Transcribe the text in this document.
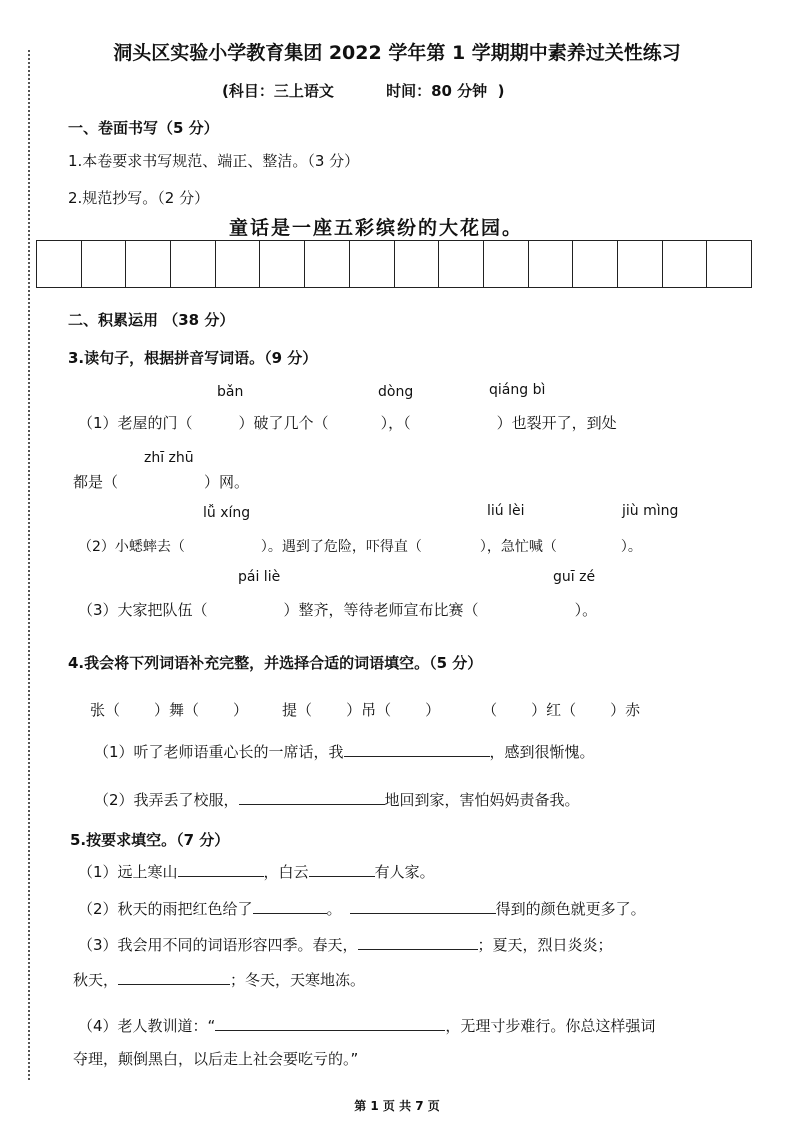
洞头区实验小学教育集团 2022 学年第 1 学期期中素养过关性练习
(科目：三上语文          时间：80 分钟  )
一、卷面书写（5 分）
1.本卷要求书写规范、端正、整洁。（3 分）
2.规范抄写。（2 分）
童话是一座五彩缤纷的大花园。
二、积累运用 （38 分）
3.读句子，根据拼音写词语。（9 分）
bǎn	dòng	qiáng bì
（1）老屋的门（	）破了几个（	），（	）也裂开了，到处
zhī zhū
都是（	）网。
lǚ xíng	liú lèi	jiù mìng
（2）小蟋蟀去（	）。遇到了危险，吓得直（	），急忙喊（	）。
pái liè	guī zé
（3）大家把队伍（	）整齐，等待老师宣布比赛（	）。
4.我会将下列词语补充完整，并选择合适的词语填空。（5 分）
张（ ）舞（ ） 提（ ）吊（ ）	（ ）红（ ）赤
（1）听了老师语重心长的一席话，我	，感到很惭愧。
（2）我弄丢了校服，	地回到家，害怕妈妈责备我。
5.按要求填空。（7 分）
（1）远上寒山	，白云	有人家。
（2）秋天的雨把红色给了	。	得到的颜色就更多了。
（3）我会用不同的词语形容四季。春天，	；夏天，烈日炎炎；
秋天，	；冬天，天寒地冻。
（4）老人教训道：“	，无理寸步难行。你总这样强词
夺理，颠倒黑白，以后走上社会要吃亏的。”
第 1 页 共 7 页
